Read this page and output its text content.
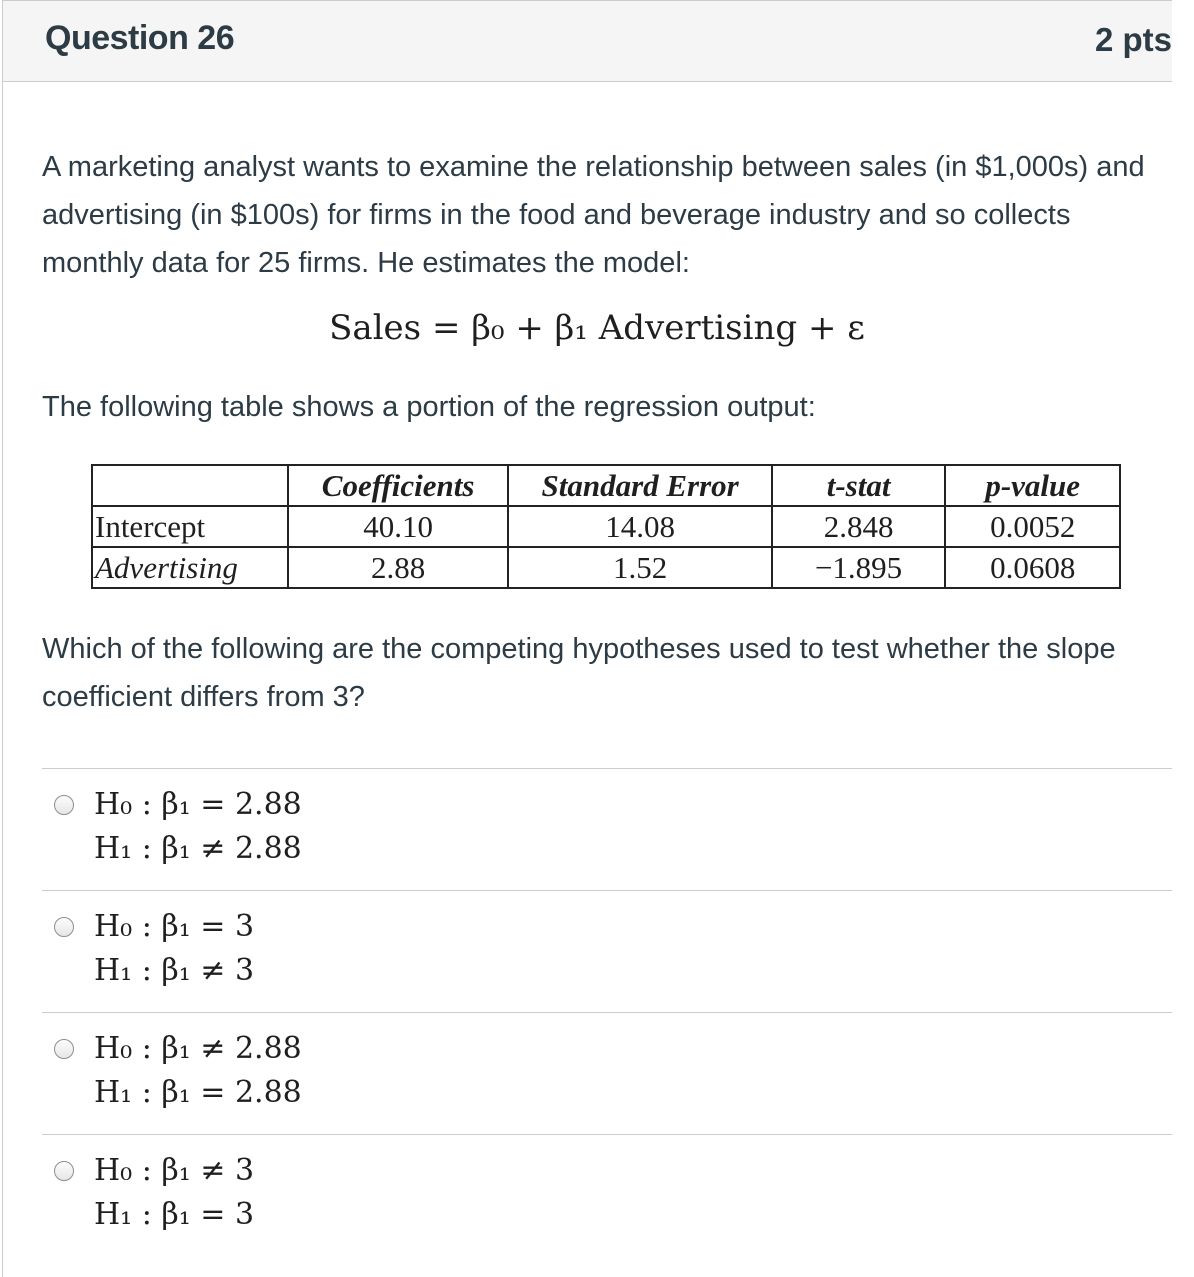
Question 26	2 pts
A marketing analyst wants to examine the relationship between sales (in $1,000s) and advertising (in $100s) for firms in the food and beverage industry and so collects monthly data for 25 firms. He estimates the model:
Sales = β₀ + β₁ Advertising + ε
The following table shows a portion of the regression output:
	Coefficients	Standard Error	t-stat	p-value
Intercept	40.10	14.08	2.848	0.0052
Advertising	2.88	1.52	−1.895	0.0608
Which of the following are the competing hypotheses used to test whether the slope coefficient differs from 3?
H₀ : β₁ = 2.88
H₁ : β₁ ≠ 2.88
H₀ : β₁ = 3
H₁ : β₁ ≠ 3
H₀ : β₁ ≠ 2.88
H₁ : β₁ = 2.88
H₀ : β₁ ≠ 3
H₁ : β₁ = 3
